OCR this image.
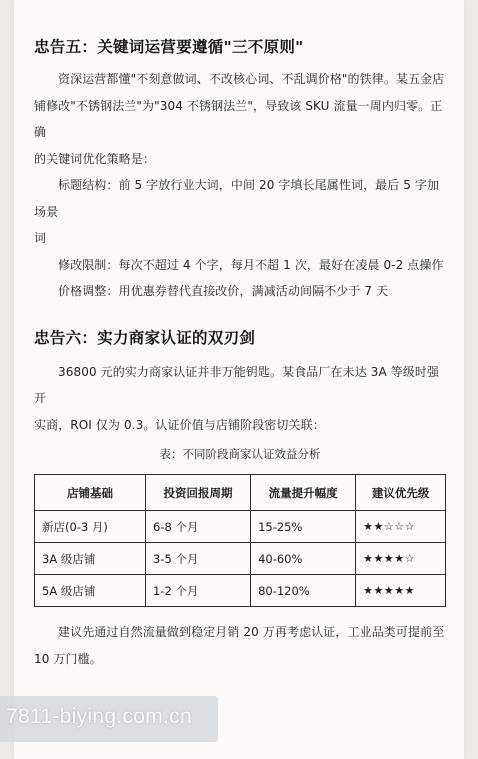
忠告五：关键词运营要遵循"三不原则"

资深运营都懂"不刻意做词、不改核心词、不乱调价格"的铁律。某五金店

铺修改"不锈钢法兰"为"304 不锈钢法兰"，导致该 SKU 流量一周内归零。正确

的关键词优化策略是：

标题结构：前 5 字放行业大词，中间 20 字填长尾属性词，最后 5 字加场景

词

修改限制：每次不超过 4 个字，每月不超 1 次，最好在凌晨 0-2 点操作

价格调整：用优惠券替代直接改价，满减活动间隔不少于 7 天

忠告六：实力商家认证的双刃剑

36800 元的实力商家认证并非万能钥匙。某食品厂在未达 3A 等级时强开

实商，ROI 仅为 0.3。认证价值与店铺阶段密切关联：

表：不同阶段商家认证效益分析
店铺基础	投资回报周期	流量提升幅度	建议优先级
新店(0-3 月)	6-8 个月	15-25%	★★☆☆☆
3A 级店铺	3-5 个月	40-60%	★★★★☆
5A 级店铺	1-2 个月	80-120%	★★★★★

建议先通过自然流量做到稳定月销 20 万再考虑认证，工业品类可提前至

10 万门槛。

7811-biying.com.cn
